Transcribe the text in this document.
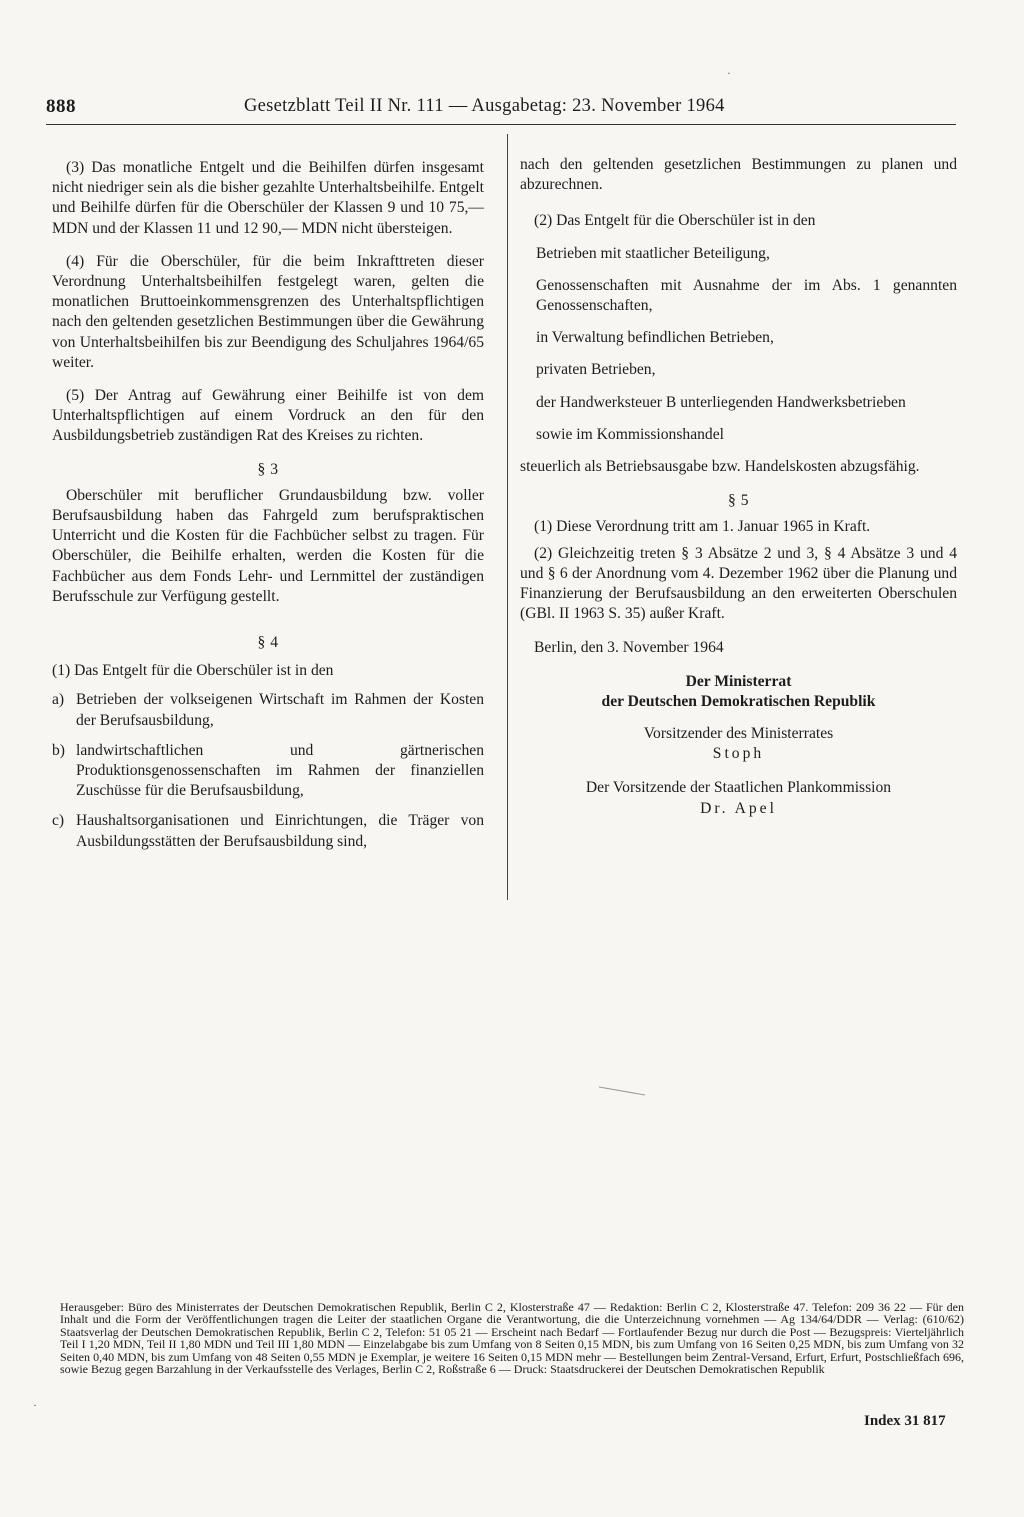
888	Gesetzblatt Teil II Nr. 111 — Ausgabetag: 23. November 1964

(3) Das monatliche Entgelt und die Beihilfen dürfen insgesamt nicht niedriger sein als die bisher gezahlte Unterhaltsbeihilfe. Entgelt und Beihilfe dürfen für die Oberschüler der Klassen 9 und 10 75,— MDN und der Klassen 11 und 12 90,— MDN nicht übersteigen.

(4) Für die Oberschüler, für die beim Inkrafttreten dieser Verordnung Unterhaltsbeihilfen festgelegt waren, gelten die monatlichen Bruttoeinkommensgrenzen des Unterhaltspflichtigen nach den geltenden gesetzlichen Bestimmungen über die Gewährung von Unterhaltsbeihilfen bis zur Beendigung des Schuljahres 1964/65 weiter.

(5) Der Antrag auf Gewährung einer Beihilfe ist von dem Unterhaltspflichtigen auf einem Vordruck an den für den Ausbildungsbetrieb zuständigen Rat des Kreises zu richten.

§ 3

Oberschüler mit beruflicher Grundausbildung bzw. voller Berufsausbildung haben das Fahrgeld zum berufspraktischen Unterricht und die Kosten für die Fachbücher selbst zu tragen. Für Oberschüler, die Beihilfe erhalten, werden die Kosten für die Fachbücher aus dem Fonds Lehr- und Lernmittel der zuständigen Berufsschule zur Verfügung gestellt.

§ 4

(1) Das Entgelt für die Oberschüler ist in den

a) Betrieben der volkseigenen Wirtschaft im Rahmen der Kosten der Berufsausbildung,
b) landwirtschaftlichen und gärtnerischen Produktionsgenossenschaften im Rahmen der finanziellen Zuschüsse für die Berufsausbildung,
c) Haushaltsorganisationen und Einrichtungen, die Träger von Ausbildungsstätten der Berufsausbildung sind,

nach den geltenden gesetzlichen Bestimmungen zu planen und abzurechnen.

(2) Das Entgelt für die Oberschüler ist in den

Betrieben mit staatlicher Beteiligung,

Genossenschaften mit Ausnahme der im Abs. 1 genannten Genossenschaften,

in Verwaltung befindlichen Betrieben,

privaten Betrieben,

der Handwerksteuer B unterliegenden Handwerksbetrieben

sowie im Kommissionshandel

steuerlich als Betriebsausgabe bzw. Handelskosten abzugsfähig.

§ 5

(1) Diese Verordnung tritt am 1. Januar 1965 in Kraft.

(2) Gleichzeitig treten § 3 Absätze 2 und 3, § 4 Absätze 3 und 4 und § 6 der Anordnung vom 4. Dezember 1962 über die Planung und Finanzierung der Berufsausbildung an den erweiterten Oberschulen (GBl. II 1963 S. 35) außer Kraft.

Berlin, den 3. November 1964

Der Ministerrat

der Deutschen Demokratischen Republik

Vorsitzender des Ministerrates

Stoph

Der Vorsitzende der Staatlichen Plankommission

Dr. Apel

Herausgeber: Büro des Ministerrates der Deutschen Demokratischen Republik, Berlin C 2, Klosterstraße 47 — Redaktion: Berlin C 2, Klosterstraße 47. Telefon: 209 36 22 — Für den Inhalt und die Form der Veröffentlichungen tragen die Leiter der staatlichen Organe die Verantwortung, die die Unterzeichnung vornehmen — Ag 134/64/DDR — Verlag: (610/62) Staatsverlag der Deutschen Demokratischen Republik, Berlin C 2, Telefon: 51 05 21 — Erscheint nach Bedarf — Fortlaufender Bezug nur durch die Post — Bezugspreis: Vierteljährlich Teil I 1,20 MDN, Teil II 1,80 MDN und Teil III 1,80 MDN — Einzelabgabe bis zum Umfang von 8 Seiten 0,15 MDN, bis zum Umfang von 16 Seiten 0,25 MDN, bis zum Umfang von 32 Seiten 0,40 MDN, bis zum Umfang von 48 Seiten 0,55 MDN je Exemplar, je weitere 16 Seiten 0,15 MDN mehr — Bestellungen beim Zentral-Versand, Erfurt, Erfurt, Postschließfach 696, sowie Bezug gegen Barzahlung in der Verkaufsstelle des Verlages, Berlin C 2, Roßstraße 6 — Druck: Staatsdruckerei der Deutschen Demokratischen Republik
Index 31 817
·
·
